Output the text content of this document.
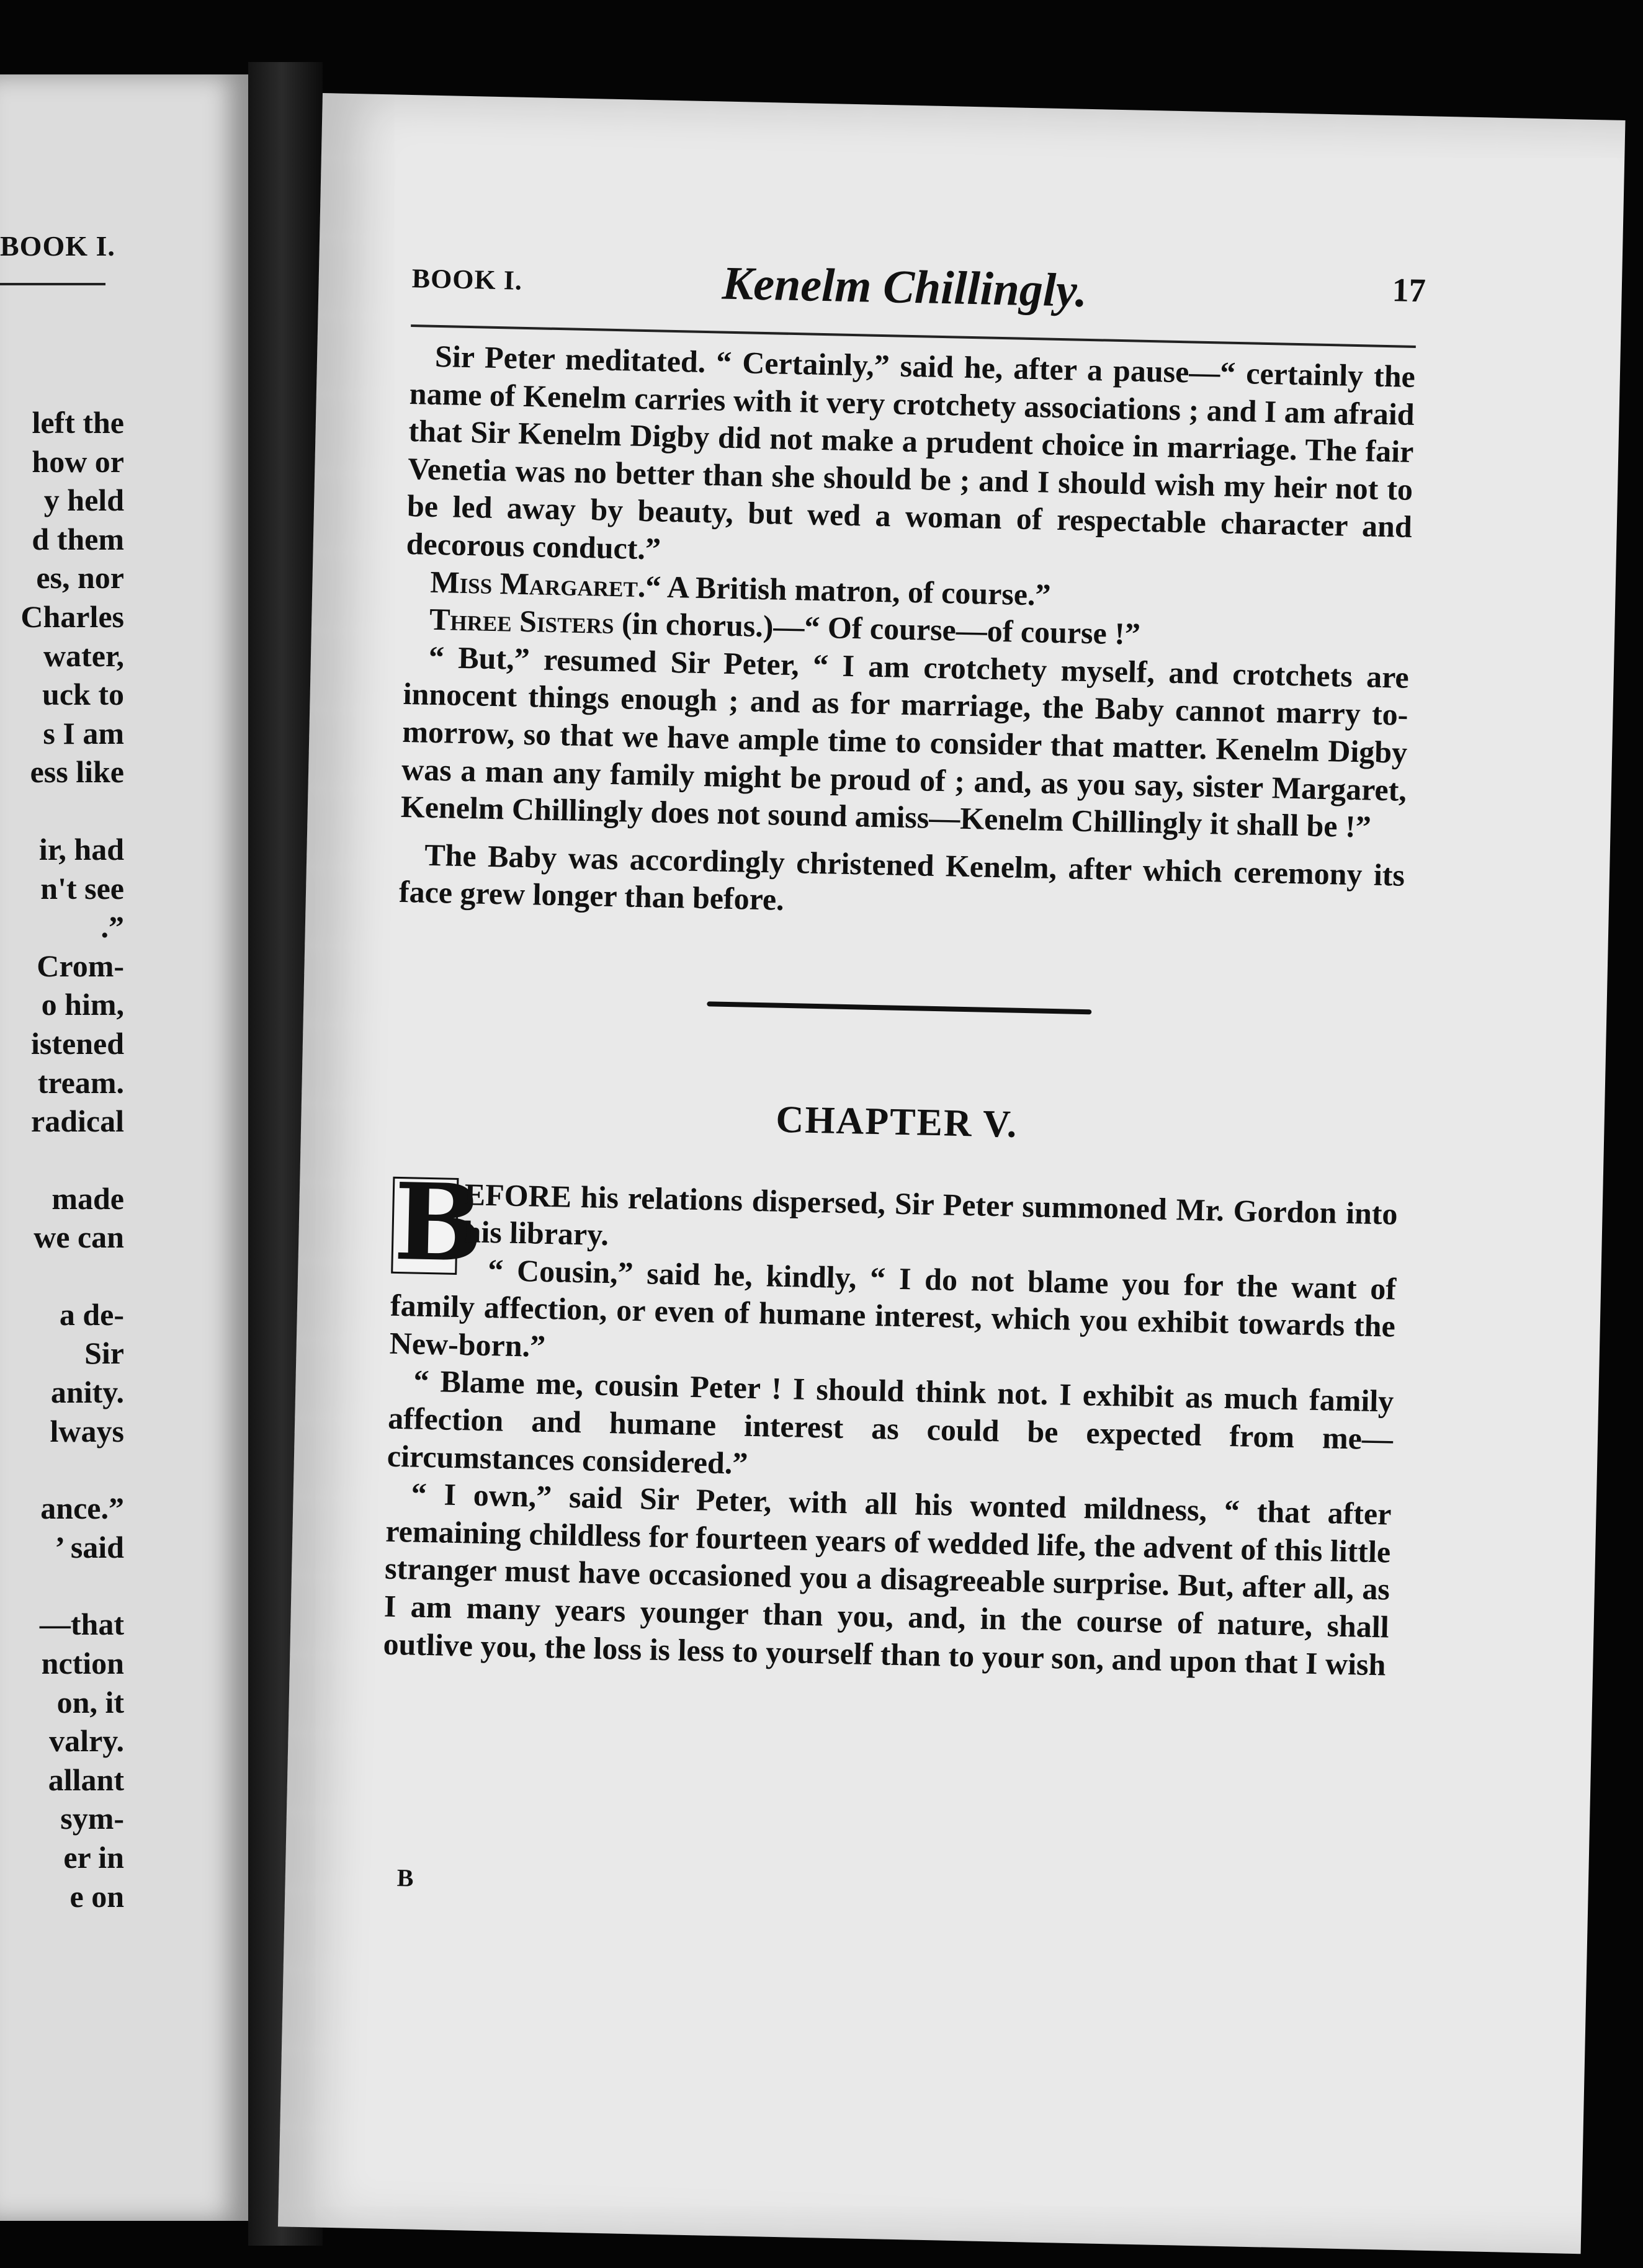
BOOK I.
left the
how or
y held
d them
es, nor
Charles
water,
uck to
s I am
ess like
ir, had
n't see
.”
Crom-
o him,
istened
tream.
radical
made
we can
a de-
Sir
anity.
lways
ance.”
’ said
—that
nction
on, it
valry.
allant
sym-
er in
e on
BOOK I.	Kenelm Chillingly.	17

Sir Peter meditated. “ Certainly,” said he, after a pause—“ certainly the name of Kenelm carries with it very crotchety associations ; and I am afraid that Sir Kenelm Digby did not make a prudent choice in marriage. The fair Venetia was no better than she should be ; and I should wish my heir not to be led away by beauty, but wed a woman of respectable character and decorous conduct.”

Miss Margaret.“ A British matron, of course.”

Three Sisters (in chorus.)—“ Of course—of course !”

“ But,” resumed Sir Peter, “ I am crotchety myself, and crotchets are innocent things enough ; and as for marriage, the Baby cannot marry to-morrow, so that we have ample time to consider that matter. Kenelm Digby was a man any family might be proud of ; and, as you say, sister Margaret, Kenelm Chillingly does not sound amiss—Kenelm Chillingly it shall be !”

The Baby was accordingly christened Kenelm, after which ceremony its face grew longer than before.

CHAPTER V.

B
EFORE his relations dispersed, Sir Peter summoned Mr. Gordon into his library.

“ Cousin,” said he, kindly, “ I do not blame you for the want of family affection, or even of humane interest, which you exhibit towards the New-born.”

“ Blame me, cousin Peter ! I should think not. I exhibit as much family affection and humane interest as could be expected from me—circumstances considered.”

“ I own,” said Sir Peter, with all his wonted mildness, “ that after remaining childless for fourteen years of wedded life, the advent of this little stranger must have occasioned you a disagreeable surprise. But, after all, as I am many years younger than you, and, in the course of nature, shall outlive you, the loss is less to yourself than to your son, and upon that I wish

B
